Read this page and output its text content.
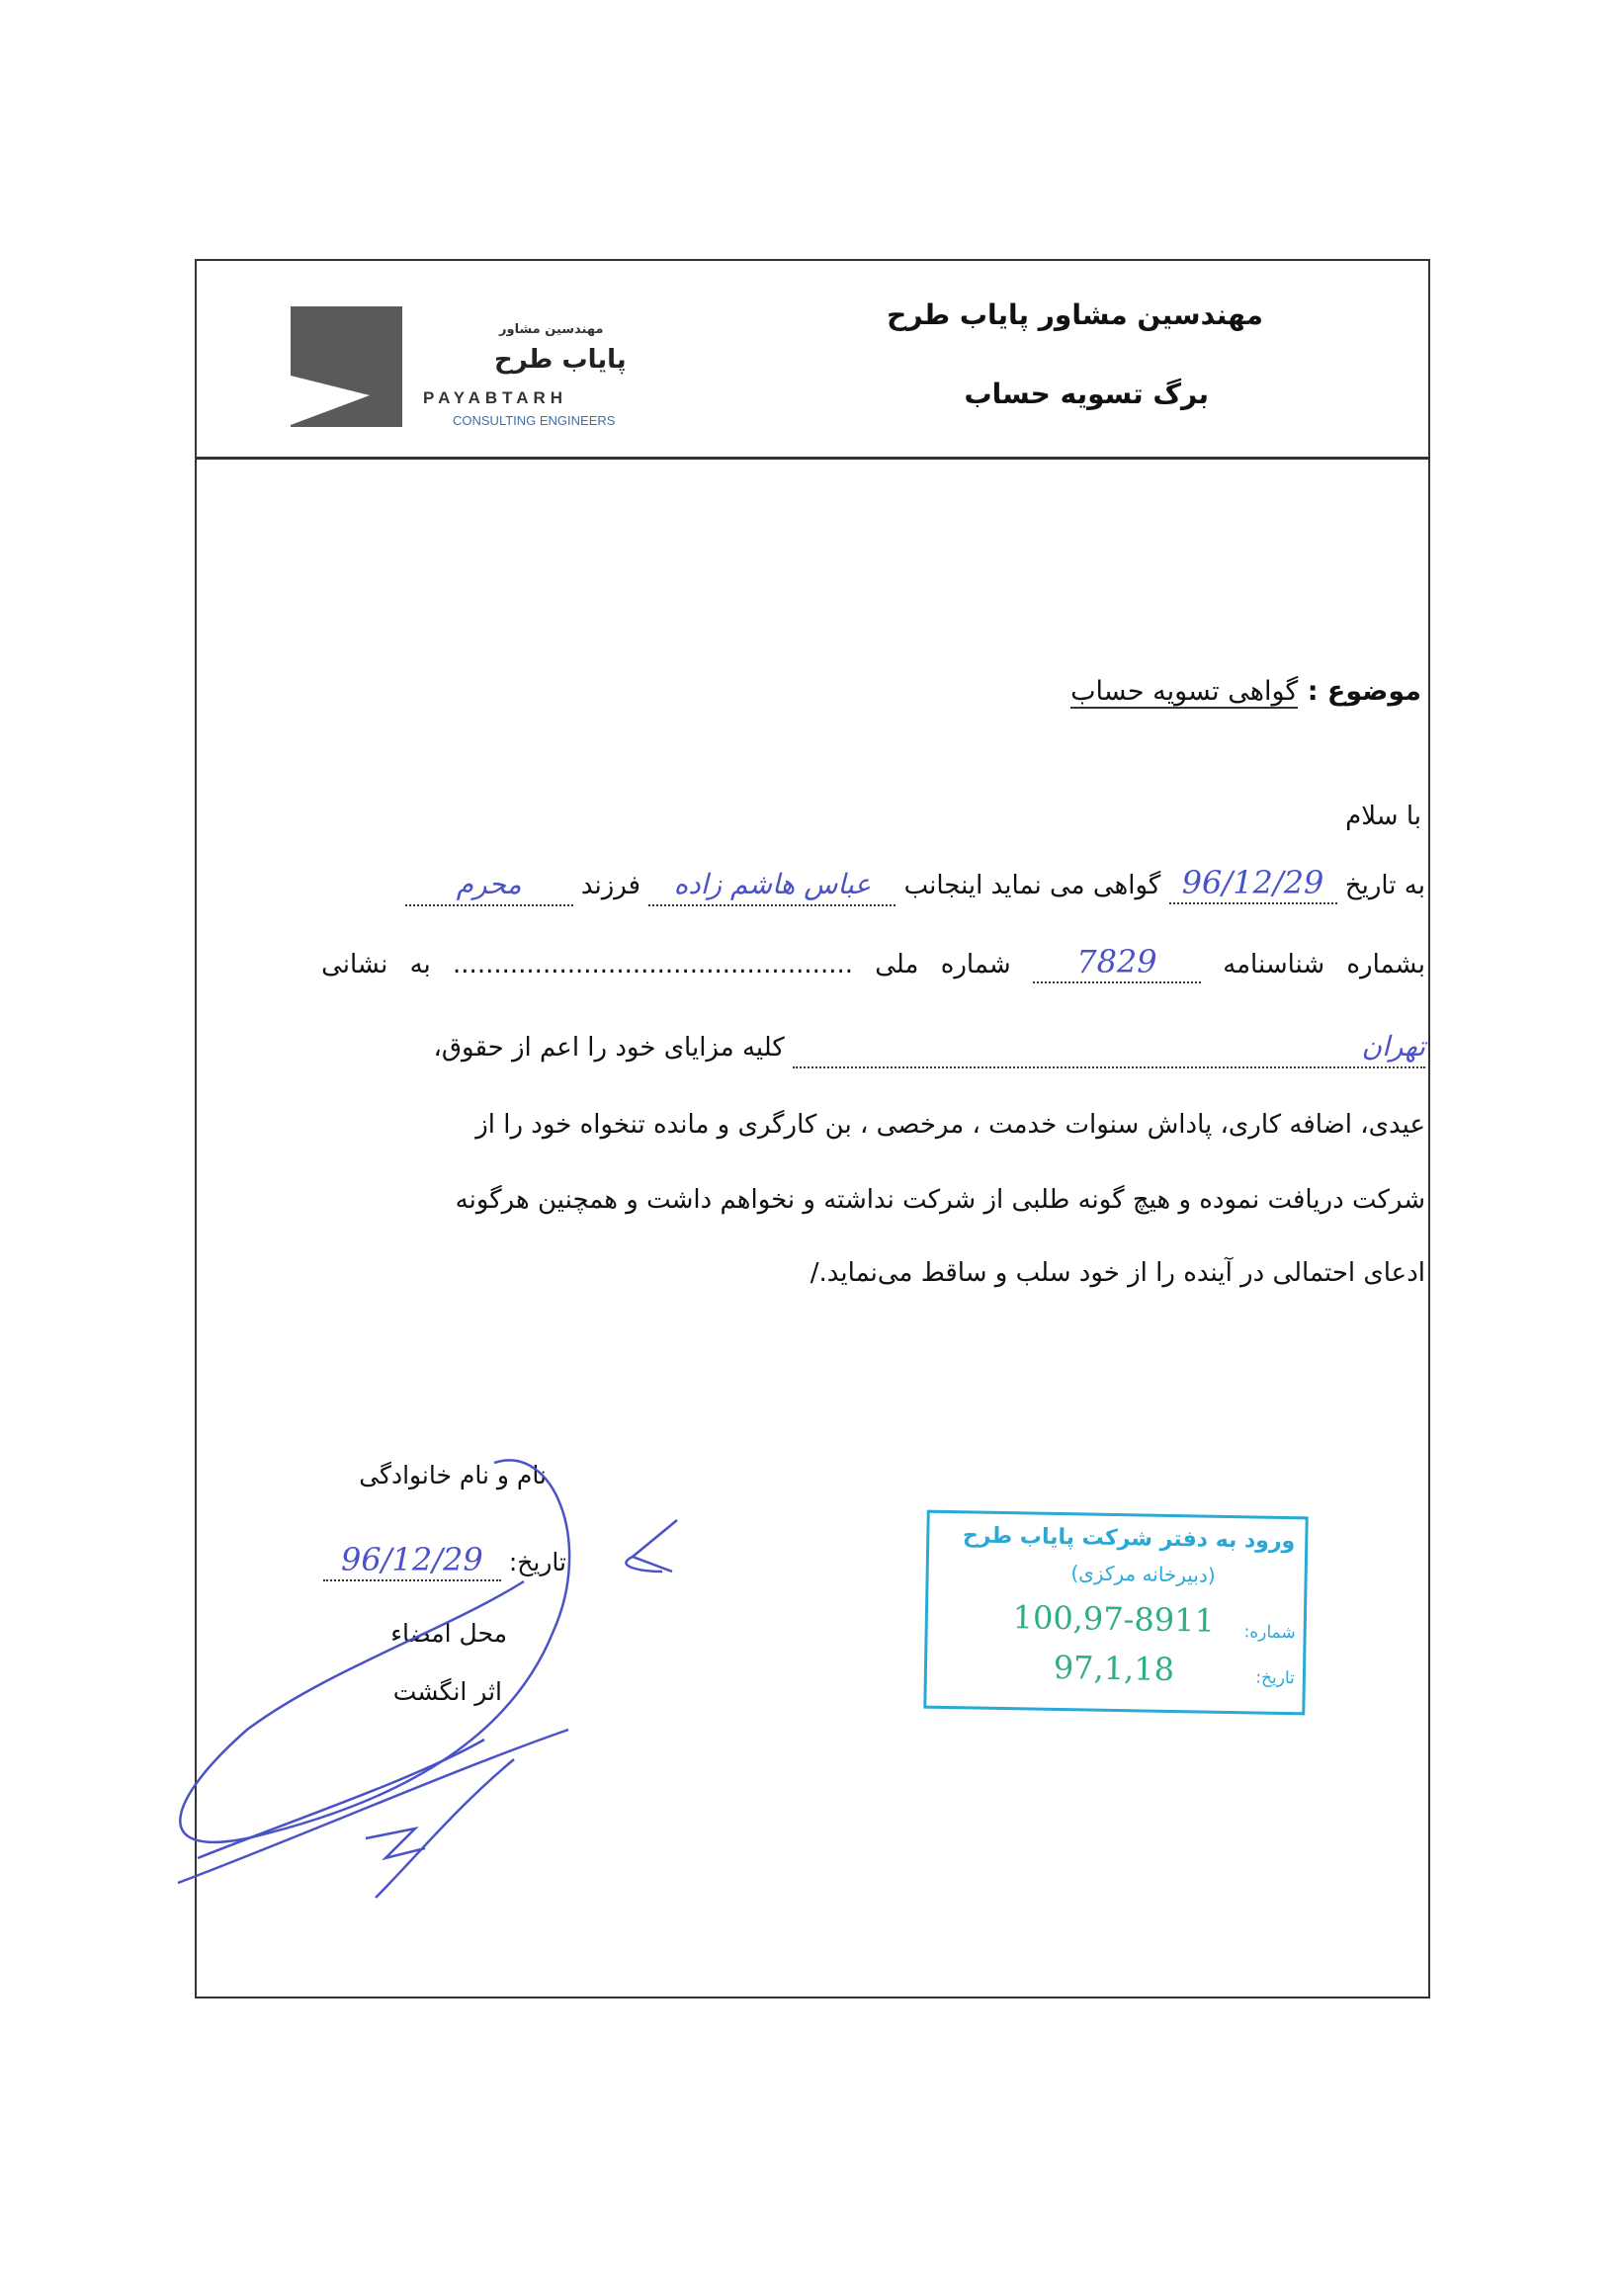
مهندسین مشاور
پایاب طرح
PAYABTARH
CONSULTING ENGINEERS
مهندسین مشاور پایاب طرح
برگ تسویه حساب
موضوع : گواهی تسویه حساب
با سلام
به تاریخ 96/12/29 گواهی می نماید اینجانب عباس هاشم زاده فرزند محرم
بشماره شناسنامه 7829 شماره ملی ................................................. به نشانی
تهران کلیه مزایای خود را اعم از حقوق،
عیدی، اضافه کاری، پاداش سنوات خدمت ، مرخصی ، بن کارگری و مانده تنخواه خود را از
شرکت دریافت نموده و هیچ گونه طلبی از شرکت نداشته و نخواهم داشت و همچنین هرگونه
ادعای احتمالی در آینده را از خود سلب و ساقط می‌نماید./
نام و نام خانوادگی
تاریخ: 96/12/29
محل امضاء
اثر انگشت
ورود به دفتر شرکت پایاب طرح
(دبیرخانه مرکزی)
شماره:
100,97-8911
تاریخ:
97,1,18
